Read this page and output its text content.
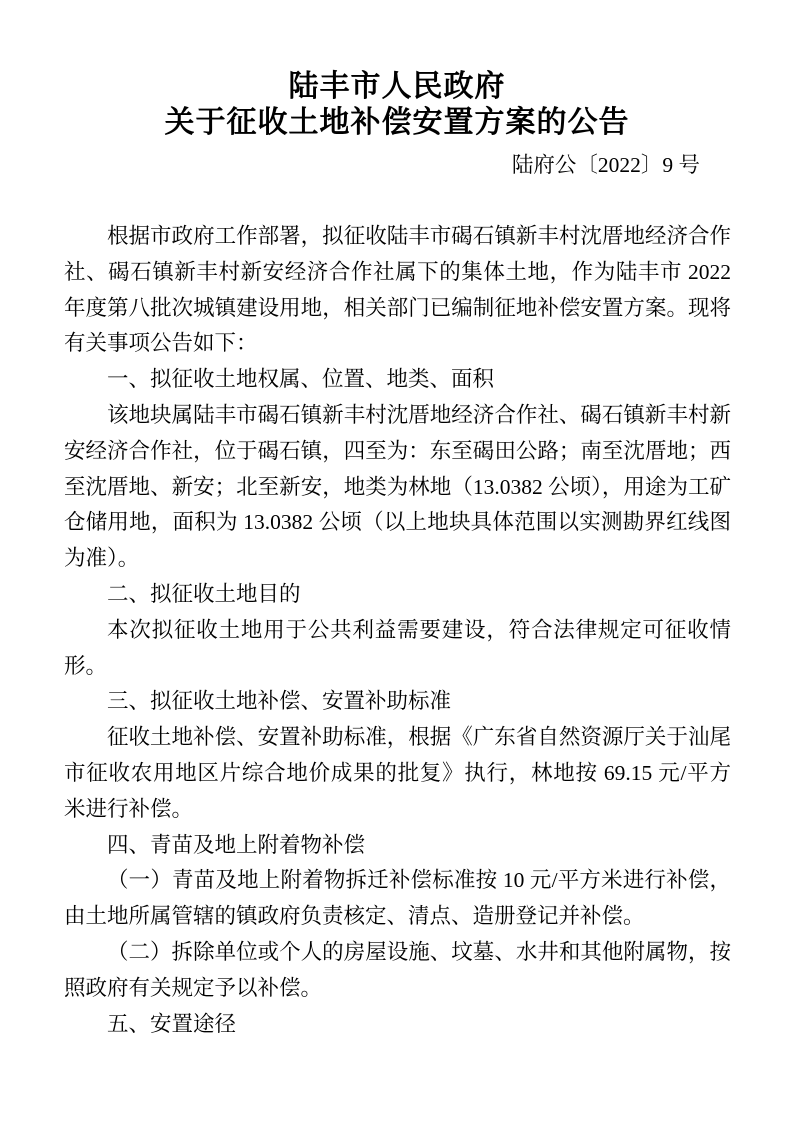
陆丰市人民政府
关于征收土地补偿安置方案的公告
陆府公〔2022〕9 号

根据市政府工作部署，拟征收陆丰市碣石镇新丰村沈厝地经济合作社、碣石镇新丰村新安经济合作社属下的集体土地，作为陆丰市 2022 年度第八批次城镇建设用地，相关部门已编制征地补偿安置方案。现将有关事项公告如下：

一、拟征收土地权属、位置、地类、面积

该地块属陆丰市碣石镇新丰村沈厝地经济合作社、碣石镇新丰村新安经济合作社，位于碣石镇，四至为：东至碣田公路；南至沈厝地；西至沈厝地、新安；北至新安，地类为林地（13.0382 公顷），用途为工矿仓储用地，面积为 13.0382 公顷（以上地块具体范围以实测勘界红线图为准）。

二、拟征收土地目的

本次拟征收土地用于公共利益需要建设，符合法律规定可征收情形。

三、拟征收土地补偿、安置补助标准

征收土地补偿、安置补助标准，根据《广东省自然资源厅关于汕尾市征收农用地区片综合地价成果的批复》执行，林地按 69.15 元/平方米进行补偿。

四、青苗及地上附着物补偿

（一）青苗及地上附着物拆迁补偿标准按 10 元/平方米进行补偿，由土地所属管辖的镇政府负责核定、清点、造册登记并补偿。

（二）拆除单位或个人的房屋设施、坟墓、水井和其他附属物，按照政府有关规定予以补偿。

五、安置途径
